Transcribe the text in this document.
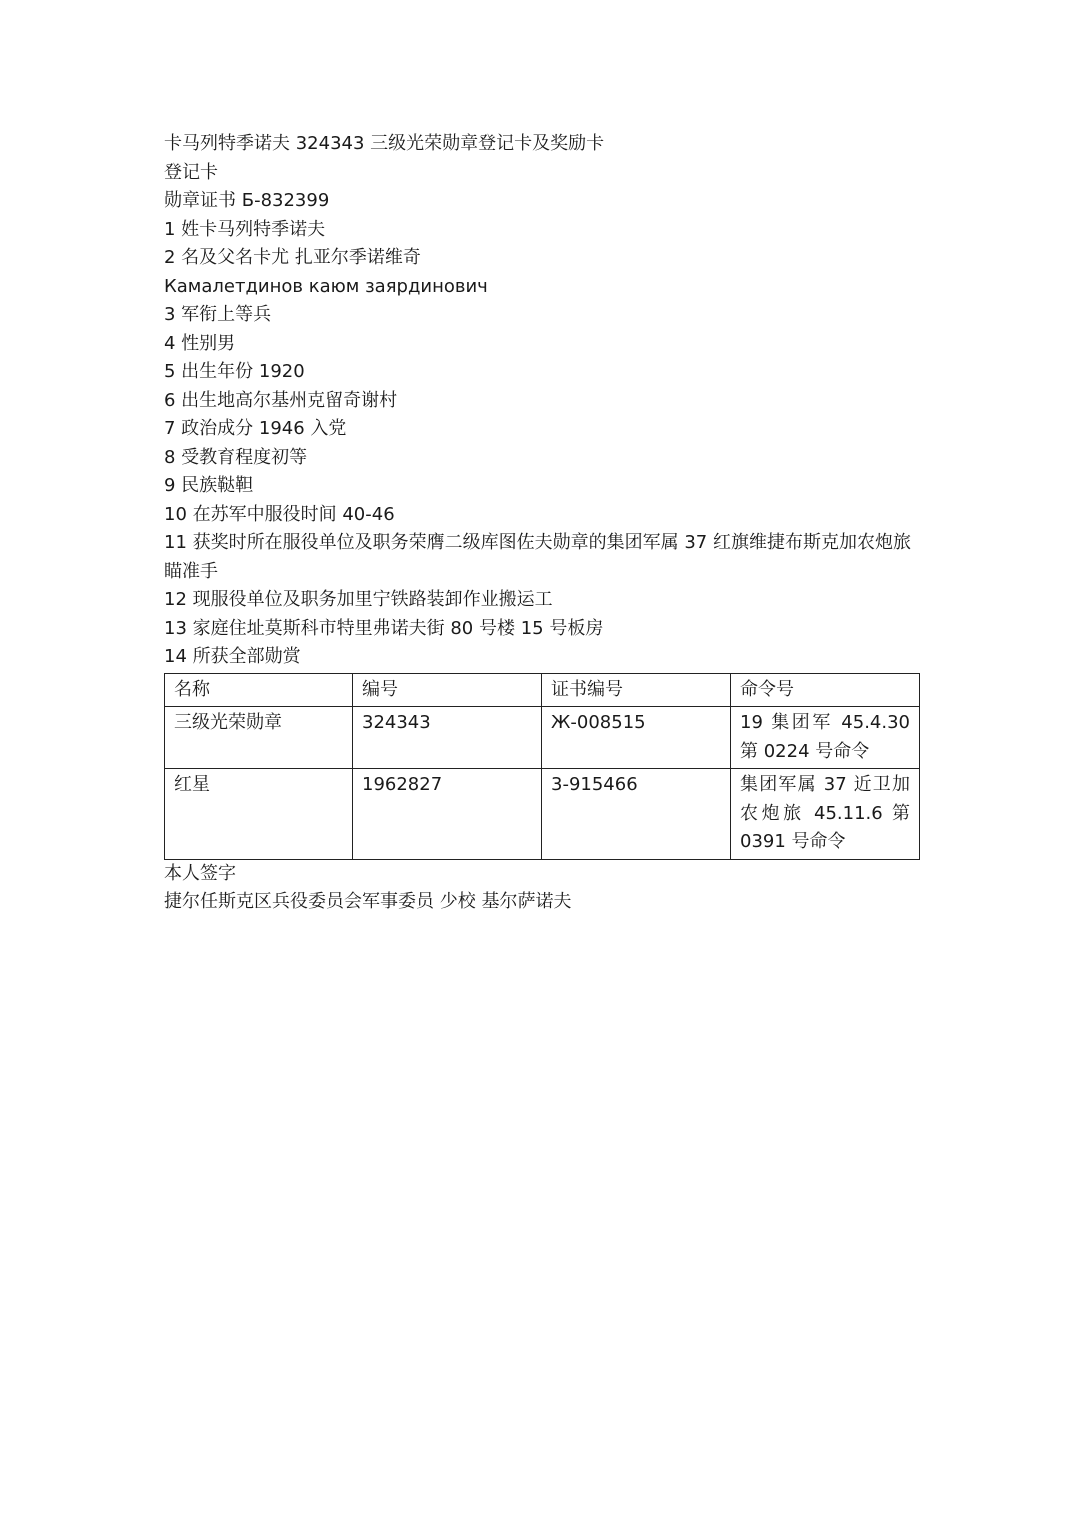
卡马列特季诺夫 324343 三级光荣勋章登记卡及奖励卡
登记卡
勋章证书 Б-832399
1 姓卡马列特季诺夫
2 名及父名卡尤 扎亚尔季诺维奇
Камалетдинов каюм заярдинович
3 军衔上等兵
4 性别男
5 出生年份 1920
6 出生地高尔基州克留奇谢村
7 政治成分 1946 入党
8 受教育程度初等
9 民族鞑靼
10 在苏军中服役时间 40-46
11 获奖时所在服役单位及职务荣膺二级库图佐夫勋章的集团军属 37 红旗维捷布斯克加农炮旅瞄准手
12 现服役单位及职务加里宁铁路装卸作业搬运工
13 家庭住址莫斯科市特里弗诺夫街 80 号楼 15 号板房
14 所获全部勋赏
名称	编号	证书编号	命令号
三级光荣勋章	324343	Ж-008515	19 集团军 45.4.30 第 0224 号命令
红星	1962827	3-915466	集团军属 37 近卫加农炮旅 45.11.6 第 0391 号命令
本人签字
捷尔任斯克区兵役委员会军事委员 少校 基尔萨诺夫
